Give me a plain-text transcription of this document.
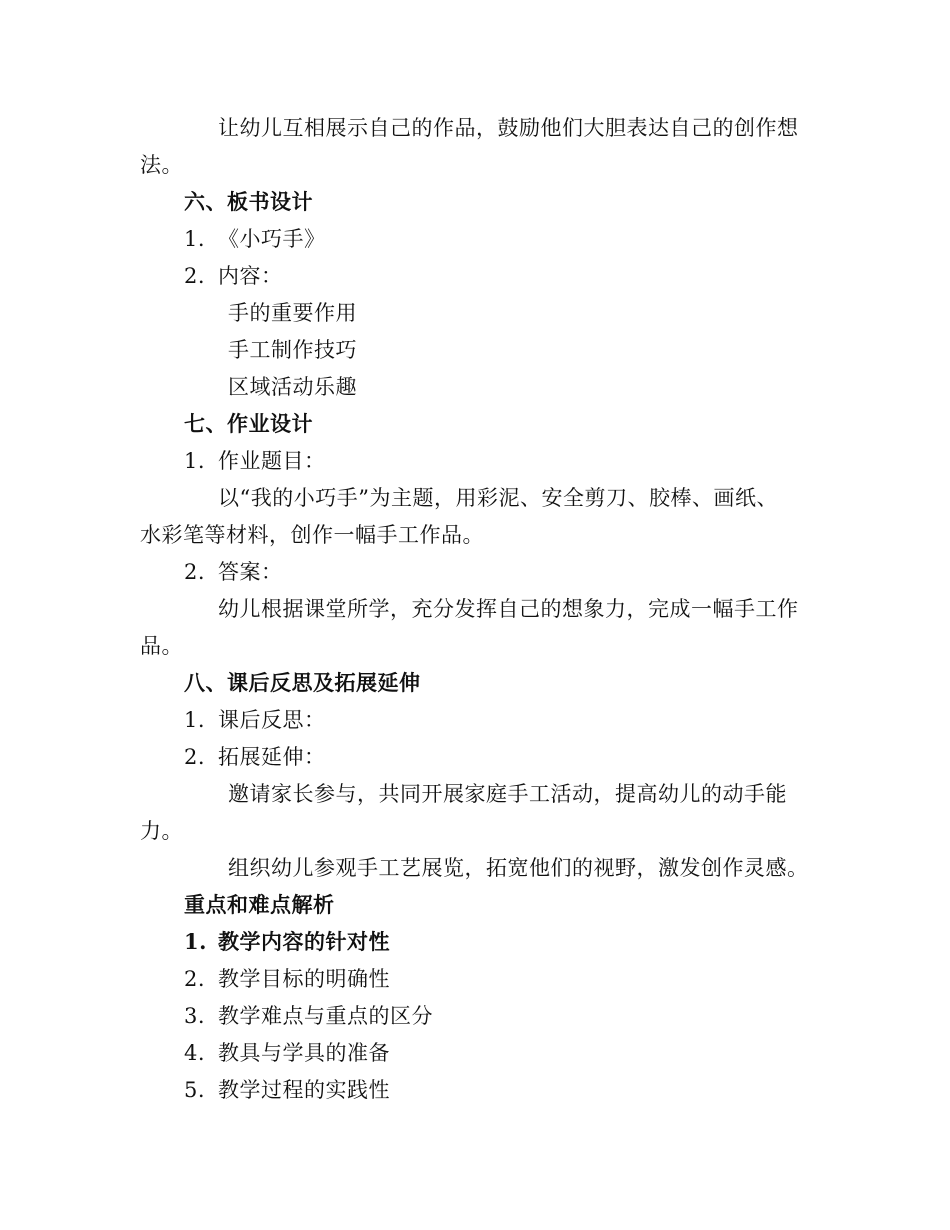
让幼儿互相展示自己的作品，鼓励他们大胆表达自己的创作想
法。
六、板书设计
1. 《小巧手》
2. 内容：
手的重要作用
手工制作技巧
区域活动乐趣
七、作业设计
1. 作业题目：
以“我的小巧手”为主题，用彩泥、安全剪刀、胶棒、画纸、
水彩笔等材料，创作一幅手工作品。
2. 答案：
幼儿根据课堂所学，充分发挥自己的想象力，完成一幅手工作
品。
八、课后反思及拓展延伸
1. 课后反思：
2. 拓展延伸：
邀请家长参与，共同开展家庭手工活动，提高幼儿的动手能
力。
组织幼儿参观手工艺展览，拓宽他们的视野，激发创作灵感。
重点和难点解析
1. 教学内容的针对性
2. 教学目标的明确性
3. 教学难点与重点的区分
4. 教具与学具的准备
5. 教学过程的实践性
